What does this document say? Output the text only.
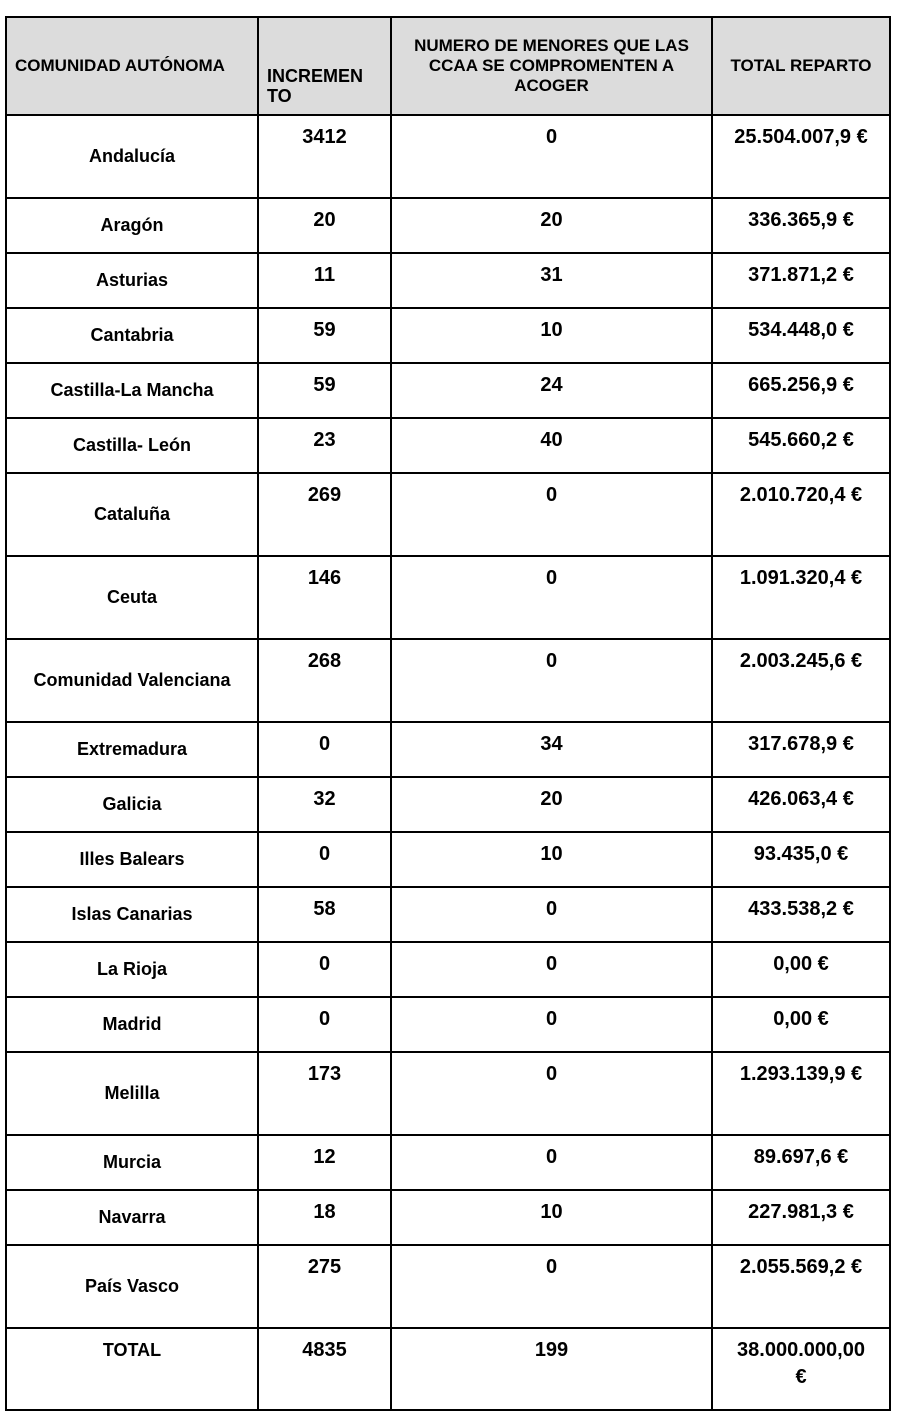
COMUNIDAD AUTÓNOMA	INCREMEN TO	NUMERO DE MENORES QUE LAS CCAA SE COMPROMENTEN A ACOGER	TOTAL REPARTO
Andalucía	3412	0	25.504.007,9 €
Aragón	20	20	336.365,9 €
Asturias	11	31	371.871,2 €
Cantabria	59	10	534.448,0 €
Castilla-La Mancha	59	24	665.256,9 €
Castilla- León	23	40	545.660,2 €
Cataluña	269	0	2.010.720,4 €
Ceuta	146	0	1.091.320,4 €
Comunidad Valenciana	268	0	2.003.245,6 €
Extremadura	0	34	317.678,9 €
Galicia	32	20	426.063,4 €
Illes Balears	0	10	93.435,0 €
Islas Canarias	58	0	433.538,2 €
La Rioja	0	0	0,00 €
Madrid	0	0	0,00 €
Melilla	173	0	1.293.139,9 €
Murcia	12	0	89.697,6 €
Navarra	18	10	227.981,3 €
País Vasco	275	0	2.055.569,2 €
TOTAL	4835	199	38.000.000,00 €
